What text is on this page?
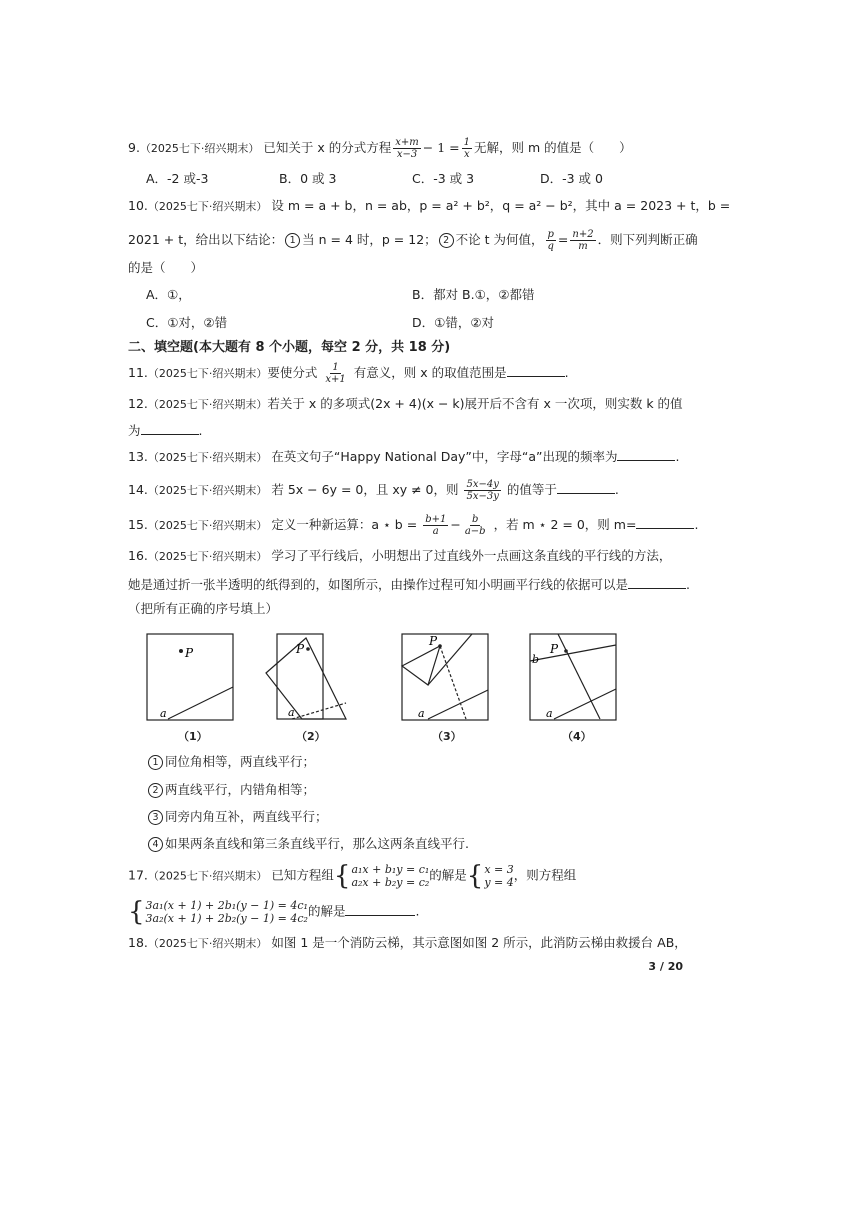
9.（2025七下·绍兴期末） 已知关于 x 的分式方程 $\frac{x+m}{x-3} - 1 = \frac{1}{x}$ 无解，则 m 的值是（　　）
A．-2 或-3	B．0 或 3	C．-3 或 3	D．-3 或 0
10.（2025七下·绍兴期末） 设 m = a + b，n = ab，p = a² + b²，q = a² − b²，其中 a = 2023 + t，b =
2021 + t，给出以下结论： 1 当 n = 4 时，p = 12； 2 不论 t 为何值， $\frac{p}{q} = \frac{n+2}{m}$ ．则下列判断正确
的是（　　）
A．①，	B．都对 B.①，②都错
C．①对，②错	D．①错，②对
二、填空题(本大题有 8 个小题，每空 2 分，共 18 分)
11.（2025七下·绍兴期末）要使分式 $\frac{1}{x+1}$ 有意义，则 x 的取值范围是	.
12.（2025七下·绍兴期末）若关于 x 的多项式(2x + 4)(x − k)展开后不含有 x 一次项，则实数 k 的值
为	.
13.（2025七下·绍兴期末） 在英文句子“Happy National Day”中，字母“a”出现的频率为	.
14.（2025七下·绍兴期末） 若 5x − 6y = 0，且 xy ≠ 0，则 $\frac{5x-4y}{5x-3y}$ 的值等于	.
15.（2025七下·绍兴期末） 定义一种新运算：a ⋆ $b = \frac{b+1}{a} - \frac{b}{a-b}$ ，若 m ⋆ 2 = 0，则 m=	.
16.（2025七下·绍兴期末） 学习了平行线后，小明想出了过直线外一点画这条直线的平行线的方法，
她是通过折一张半透明的纸得到的，如图所示，由操作过程可知小明画平行线的依据可以是	.
（把所有正确的序号填上）
P
a
（1）
P
a
（2）
P
a
（3）
P
b
a
（4）
1 同位角相等，两直线平行；
2 两直线平行，内错角相等；
3 同旁内角互补，两直线平行；
4 如果两条直线和第三条直线平行，那么这两条直线平行.
17.（2025七下·绍兴期末） 已知方程组{ a₁x + b₁y = c₁
a₂x + b₂y = c₂ 的解是{ x = 3
y = 4 ，则方程组
{ 3a₁(x + 1) + 2b₁(y − 1) = 4c₁
3a₂(x + 1) + 2b₂(y − 1) = 4c₂ 的解是	.
18.（2025七下·绍兴期末） 如图 1 是一个消防云梯，其示意图如图 2 所示，此消防云梯由救援台 AB，
3 / 20
